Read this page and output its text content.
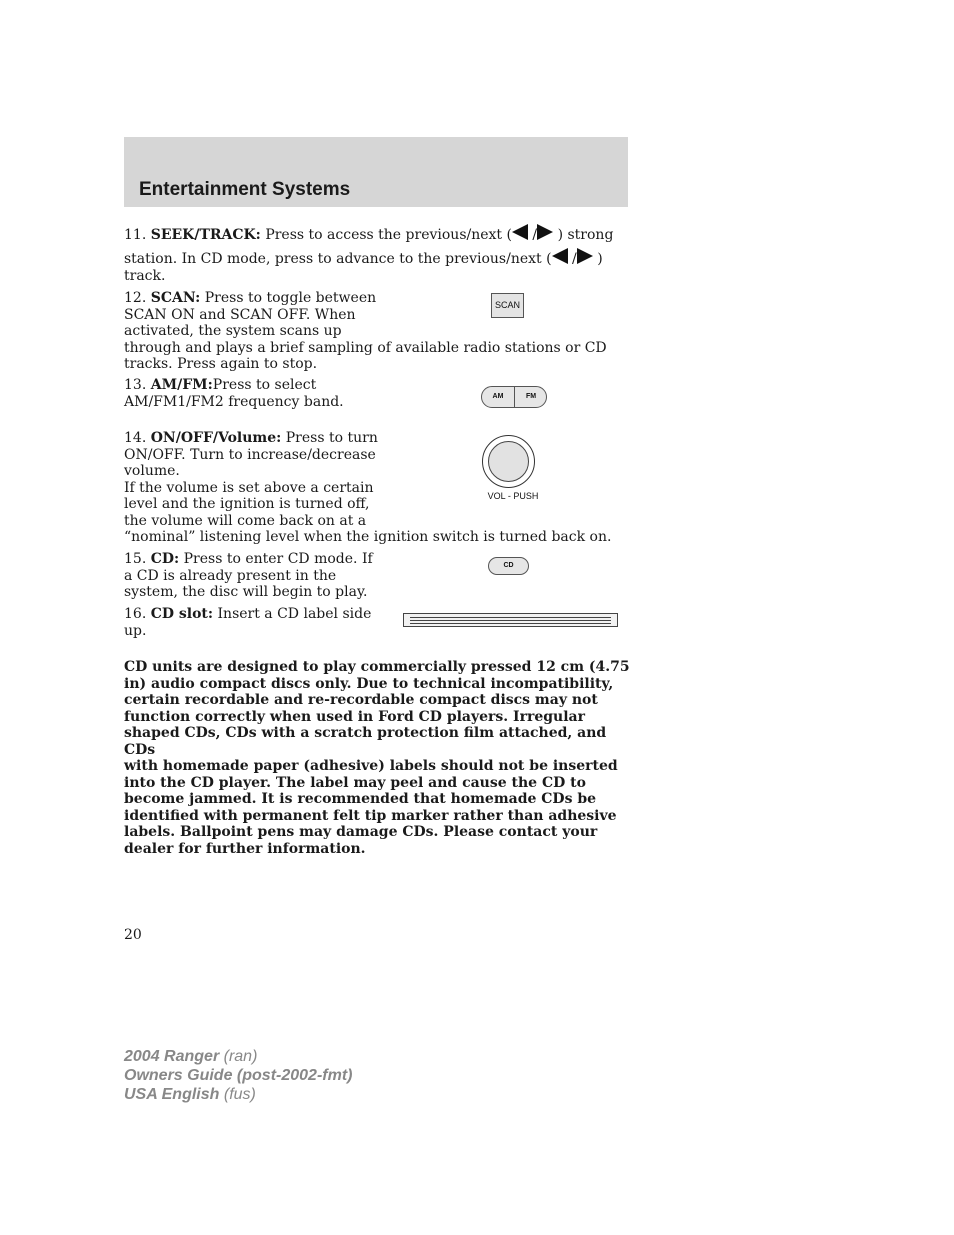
Entertainment Systems
11. SEEK/TRACK: Press to access the previous/next ( / ) strong
station. In CD mode, press to advance to the previous/next ( / )
track.
12. SCAN: Press to toggle between
SCAN ON and SCAN OFF. When
activated, the system scans up
through and plays a brief sampling of available radio stations or CD
tracks. Press again to stop.
SCAN
13. AM/FM:Press to select
AM/FM1/FM2 frequency band.	AM	FM
14. ON/OFF/Volume: Press to turn
ON/OFF. Turn to increase/decrease
volume.
If the volume is set above a certain
level and the ignition is turned off,
the volume will come back on at a
“nominal” listening level when the ignition switch is turned back on.
VOL - PUSH
15. CD: Press to enter CD mode. If
a CD is already present in the
system, the disc will begin to play.
CD
16. CD slot: Insert a CD label side
up.
CD units are designed to play commercially pressed 12 cm (4.75
in) audio compact discs only. Due to technical incompatibility,
certain recordable and re-recordable compact discs may not
function correctly when used in Ford CD players. Irregular
shaped CDs, CDs with a scratch protection film attached, and CDs
with homemade paper (adhesive) labels should not be inserted
into the CD player. The label may peel and cause the CD to
become jammed. It is recommended that homemade CDs be
identified with permanent felt tip marker rather than adhesive
labels. Ballpoint pens may damage CDs. Please contact your
dealer for further information.
20
2004 Ranger (ran)
Owners Guide (post-2002-fmt)
USA English (fus)
